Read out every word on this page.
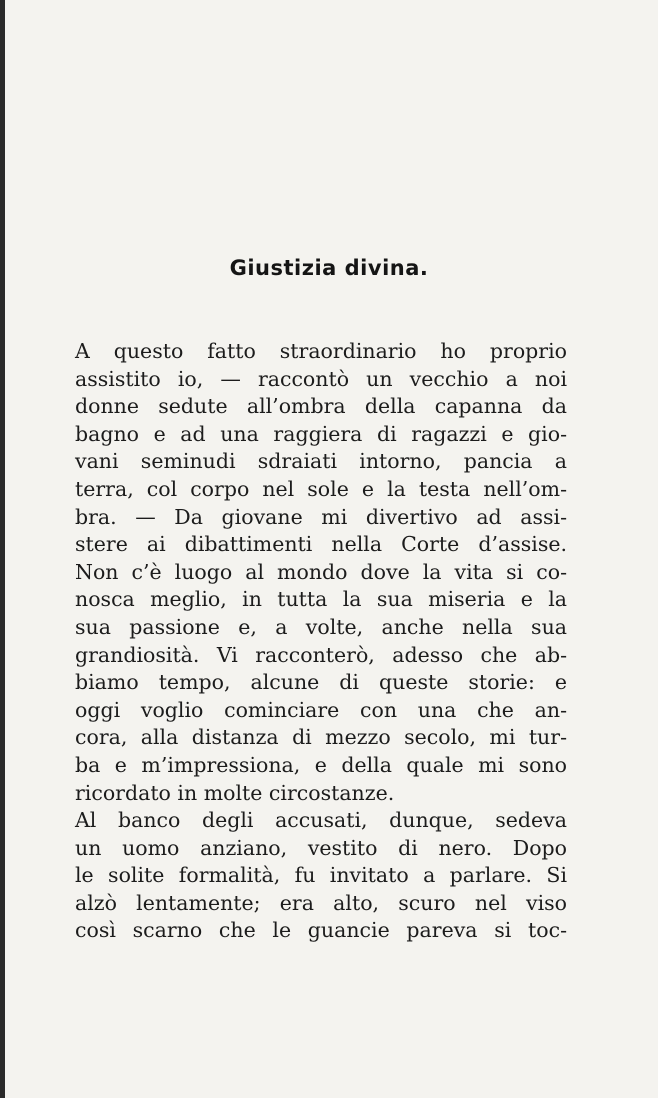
Giustizia divina.
A questo fatto straordinario ho proprio
assistito io, — raccontò un vecchio a noi
donne sedute all’ombra della capanna da
bagno e ad una raggiera di ragazzi e gio-
vani seminudi sdraiati intorno, pancia a
terra, col corpo nel sole e la testa nell’om-
bra. — Da giovane mi divertivo ad assi-
stere ai dibattimenti nella Corte d’assise.
Non c’è luogo al mondo dove la vita si co-
nosca meglio, in tutta la sua miseria e la
sua passione e, a volte, anche nella sua
grandiosità. Vi racconterò, adesso che ab-
biamo tempo, alcune di queste storie: e
oggi voglio cominciare con una che an-
cora, alla distanza di mezzo secolo, mi tur-
ba e m’impressiona, e della quale mi sono
ricordato in molte circostanze.
Al banco degli accusati, dunque, sedeva
un uomo anziano, vestito di nero. Dopo
le solite formalità, fu invitato a parlare. Si
alzò lentamente; era alto, scuro nel viso
così scarno che le guancie pareva si toc-
